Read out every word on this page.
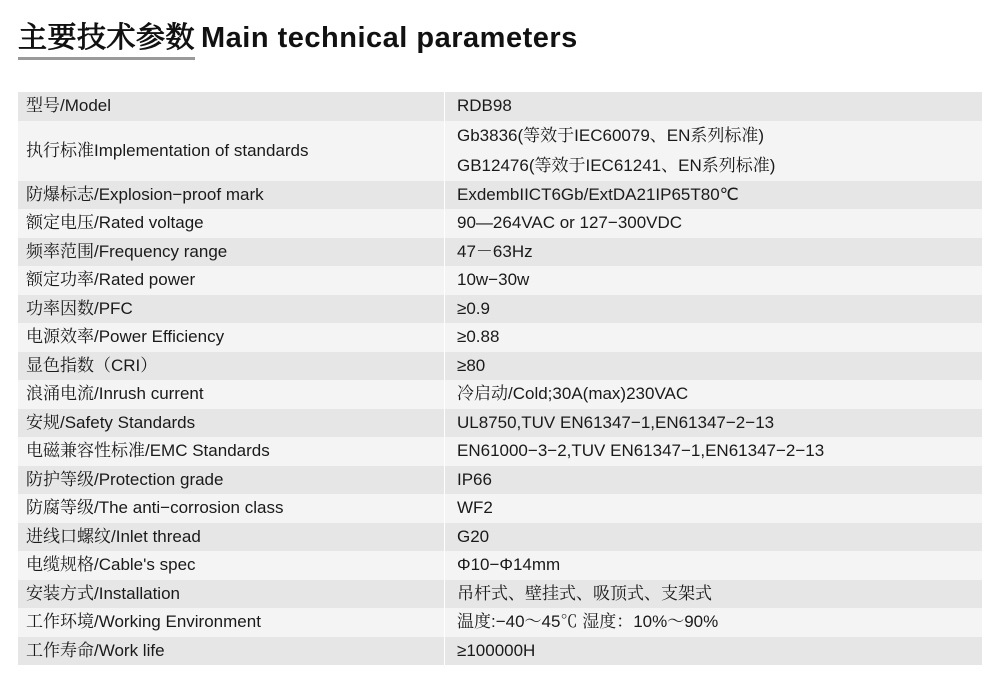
主要技术参数 Main technical parameters
型号/Model	RDB98

执行标准Implementation of standards	Gb3836(等效于IEC60079、EN系列标准)
GB12476(等效于IEC61241、EN系列标准)

防爆标志/Explosion−proof mark	ExdembIICT6Gb/ExtDA21IP65T80℃
额定电压/Rated voltage	90—264VAC or 127−300VDC
频率范围/Frequency range	47－63Hz
额定功率/Rated power	10w−30w
功率因数/PFC	≥0.9
电源效率/Power Efficiency	≥0.88
显色指数（CRI）	≥80
浪涌电流/Inrush current	冷启动/Cold;30A(max)230VAC
安规/Safety Standards	UL8750,TUV EN61347−1,EN61347−2−13
电磁兼容性标准/EMC Standards	EN61000−3−2,TUV EN61347−1,EN61347−2−13
防护等级/Protection grade	IP66
防腐等级/The anti−corrosion class	WF2
进线口螺纹/Inlet thread	G20
电缆规格/Cable's spec	Φ10−Φ14mm
安装方式/Installation	吊杆式、壁挂式、吸顶式、支架式
工作环境/Working Environment	温度:−40～45℃ 湿度：10%～90%
工作寿命/Work life	≥100000H
